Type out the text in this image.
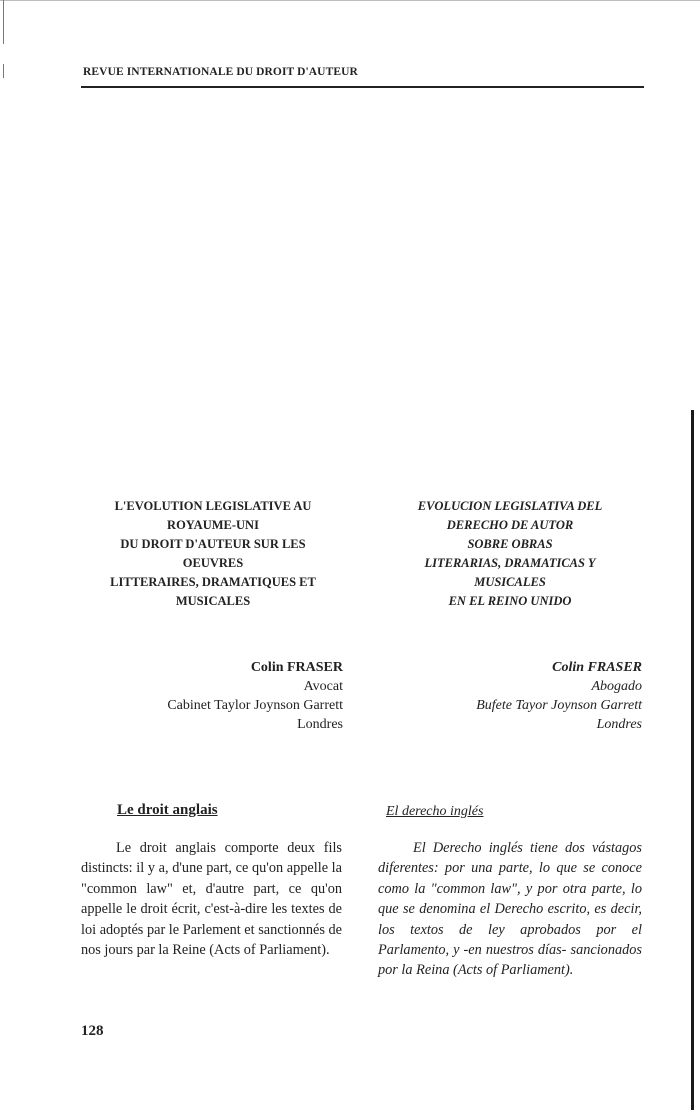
REVUE INTERNATIONALE DU DROIT D'AUTEUR
L'EVOLUTION LEGISLATIVE AU
ROYAUME-UNI
DU DROIT D'AUTEUR SUR LES
OEUVRES
LITTERAIRES, DRAMATIQUES ET
MUSICALES
EVOLUCION LEGISLATIVA DEL
DERECHO DE AUTOR
SOBRE OBRAS
LITERARIAS, DRAMATICAS Y
MUSICALES
EN EL REINO UNIDO
Colin FRASER
Avocat
Cabinet Taylor Joynson Garrett
Londres
Colin FRASER
Abogado
Bufete Tayor Joynson Garrett
Londres
Le droit anglais	El derecho inglés

Le droit anglais comporte deux fils distincts: il y a, d'une part, ce qu'on appelle la "common law" et, d'autre part, ce qu'on appelle le droit écrit, c'est-à-dire les textes de loi adoptés par le Parlement et sanctionnés de nos jours par la Reine (Acts of Parliament).

El Derecho inglés tiene dos vástagos diferentes: por una parte, lo que se conoce como la "common law", y por otra parte, lo que se denomina el Derecho escrito, es decir, los textos de ley aprobados por el Parlamento, y -en nuestros días- sancionados por la Reina (Acts of Parliament).

128
